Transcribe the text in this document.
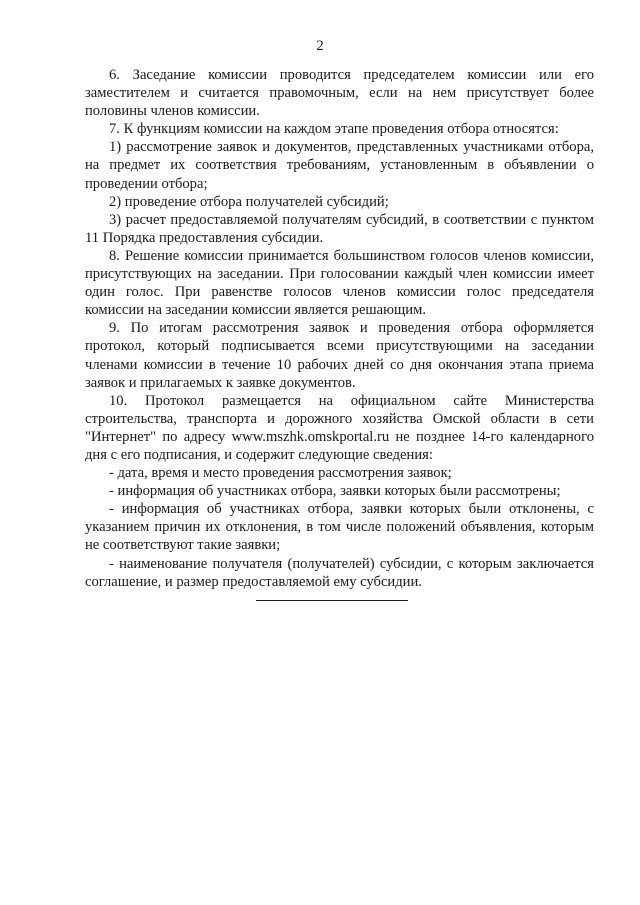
2

6. Заседание комиссии проводится председателем комиссии или его заместителем и считается правомочным, если на нем присутствует более половины членов комиссии.

7. К функциям комиссии на каждом этапе проведения отбора относятся:

1) рассмотрение заявок и документов, представленных участниками отбора, на предмет их соответствия требованиям, установленным в объявлении о проведении отбора;

2) проведение отбора получателей субсидий;

3) расчет предоставляемой получателям субсидий, в соответствии с пунктом 11 Порядка предоставления субсидии.

8. Решение комиссии принимается большинством голосов членов комиссии, присутствующих на заседании. При голосовании каждый член комиссии имеет один голос. При равенстве голосов членов комиссии голос председателя комиссии на заседании комиссии является решающим.

9. По итогам рассмотрения заявок и проведения отбора оформляется протокол, который подписывается всеми присутствующими на заседании членами комиссии в течение 10 рабочих дней со дня окончания этапа приема заявок и прилагаемых к заявке документов.

10. Протокол размещается на официальном сайте Министерства строительства, транспорта и дорожного хозяйства Омской области в сети "Интернет" по адресу www.mszhk.omskportal.ru не позднее 14-го календарного дня с его подписания, и содержит следующие сведения:

- дата, время и место проведения рассмотрения заявок;

- информация об участниках отбора, заявки которых были рассмотрены;

- информация об участниках отбора, заявки которых были отклонены, с указанием причин их отклонения, в том числе положений объявления, которым не соответствуют такие заявки;

- наименование получателя (получателей) субсидии, с которым заключается соглашение, и размер предоставляемой ему субсидии.
